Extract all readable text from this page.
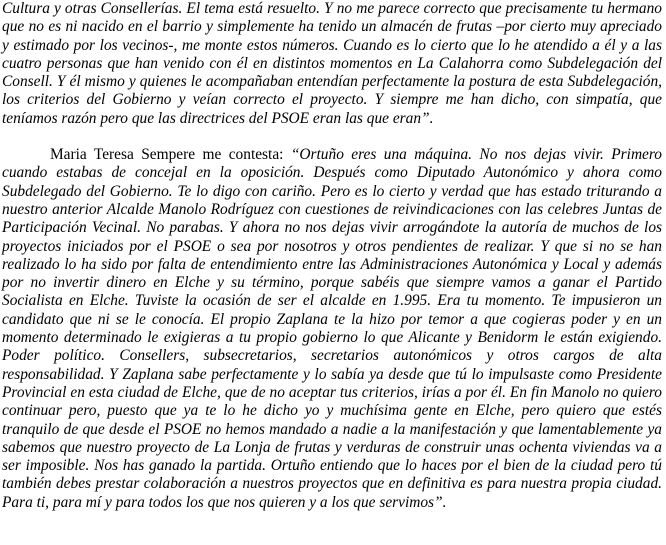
Cultura y otras Consellerías. El tema está resuelto. Y no me parece correcto que precisamente tu hermano que no es ni nacido en el barrio y simplemente ha tenido un almacén de frutas –por cierto muy apreciado y estimado por los vecinos-, me monte estos números. Cuando es lo cierto que lo he atendido a él y a las cuatro personas que han venido con él en distintos momentos en La Calahorra como Subdelegación del Consell. Y él mismo y quienes le acompañaban entendían perfectamente la postura de esta Subdelegación, los criterios del Gobierno y veían correcto el proyecto. Y siempre me han dicho, con simpatía, que teníamos razón pero que las directrices del PSOE eran las que eran”.

Maria Teresa Sempere me contesta: “Ortuño eres una máquina. No nos dejas vivir. Primero cuando estabas de concejal en la oposición. Después como Diputado Autonómico y ahora como Subdelegado del Gobierno. Te lo digo con cariño. Pero es lo cierto y verdad que has estado triturando a nuestro anterior Alcalde Manolo Rodríguez con cuestiones de reivindicaciones con las celebres Juntas de Participación Vecinal. No parabas. Y ahora no nos dejas vivir arrogándote la autoría de muchos de los proyectos iniciados por el PSOE o sea por nosotros y otros pendientes de realizar. Y que si no se han realizado lo ha sido por falta de entendimiento entre las Administraciones Autonómica y Local y además por no invertir dinero en Elche y su término, porque sabéis que siempre vamos a ganar el Partido Socialista en Elche. Tuviste la ocasión de ser el alcalde en 1.995. Era tu momento. Te impusieron un candidato que ni se le conocía. El propio Zaplana te la hizo por temor a que cogieras poder y en un momento determinado le exigieras a tu propio gobierno lo que Alicante y Benidorm le están exigiendo. Poder político. Consellers, subsecretarios, secretarios autonómicos y otros cargos de alta responsabilidad. Y Zaplana sabe perfectamente y lo sabía ya desde que tú lo impulsaste como Presidente Provincial en esta ciudad de Elche, que de no aceptar tus criterios, irías a por él. En fin Manolo no quiero continuar pero, puesto que ya te lo he dicho yo y muchísima gente en Elche, pero quiero que estés tranquilo de que desde el PSOE no hemos mandado a nadie a la manifestación y que lamentablemente ya sabemos que nuestro proyecto de La Lonja de frutas y verduras de construir unas ochenta viviendas va a ser imposible. Nos has ganado la partida. Ortuño entiendo que lo haces por el bien de la ciudad pero tú también debes prestar colaboración a nuestros proyectos que en definitiva es para nuestra propia ciudad. Para ti, para mí y para todos los que nos quieren y a los que servimos”.
